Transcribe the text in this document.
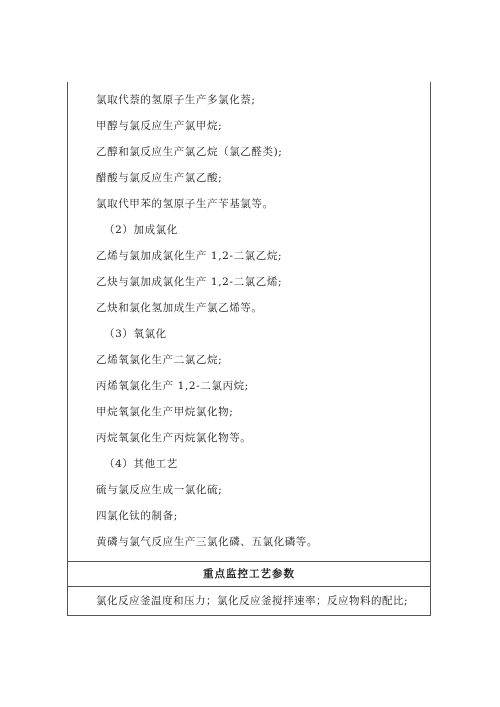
氯取代萘的氢原子生产多氯化萘;
甲醇与氯反应生产氯甲烷;
乙醇和氯反应生产氯乙烷（氯乙醛类);
醋酸与氯反应生产氯乙酸;
氯取代甲苯的氢原子生产苄基氯等。
（2）加成氯化
乙烯与氯加成氯化生产 1,2-二氯乙烷;
乙炔与氯加成氯化生产 1,2-二氯乙烯;
乙炔和氯化氢加成生产氯乙烯等。
（3）氧氯化
乙烯氧氯化生产二氯乙烷;
丙烯氧氯化生产 1,2-二氯丙烷;
甲烷氧氯化生产甲烷氯化物;
丙烷氧氯化生产丙烷氯化物等。
（4）其他工艺
硫与氯反应生成一氯化硫;
四氯化钛的制备;
黄磷与氯气反应生产三氯化磷、五氯化磷等。
重点监控工艺参数
氯化反应釜温度和压力；氯化反应釜搅拌速率；反应物料的配比;
